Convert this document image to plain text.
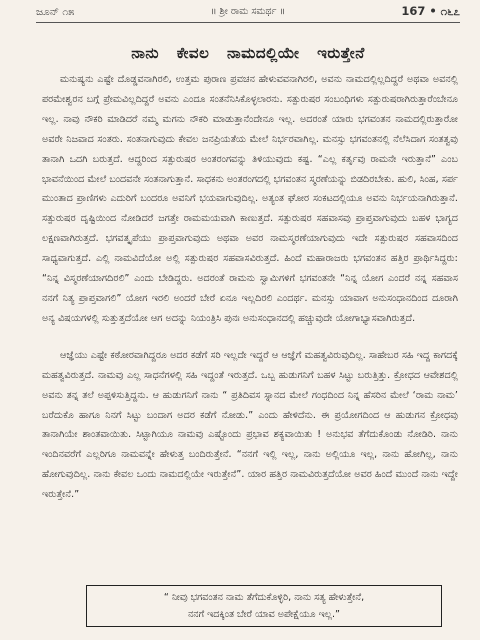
ಜೂನ್ ೧೫	॥ ಶ್ರೀ ರಾಮ ಸಮರ್ಥ ॥	167 • ೧೬೭
ನಾನು ಕೇವಲ ನಾಮದಲ್ಲಿಯೇ ಇರುತ್ತೇನೆ

ಮನುಷ್ಯನು ಎಷ್ಟೇ ದೊಡ್ಡವನಾಗಿರಲಿ, ಉತ್ತಮ ಪುರಾಣ ಪ್ರವಚನ ಹೇಳುವವನಾಗಿರಲಿ, ಅವನು ನಾಮದಲ್ಲಿಲ್ಲದಿದ್ದರೆ ಅಥವಾ ಅವನಲ್ಲಿ ಪರಮೇಶ್ವರನ ಬಗ್ಗೆ ಪ್ರೇಮವಿಲ್ಲದಿದ್ದರೆ ಅವನು ಎಂದೂ ಸಂತನೆನಿಸಿಕೊಳ್ಳಲಾರನು. ಸತ್ಪುರುಷರ ಸಂಬಂಧಿಗಳು ಸತ್ಪುರುಷರಾಗಿರುತ್ತಾರೆಂಬೇನೂ ಇಲ್ಲ. ನಾವು ನೌಕರಿ ಮಾಡಿದರೆ ನಮ್ಮ ಮಗನು ನೌಕರಿ ಮಾಡುತ್ತಾನೆಂದೇನೂ ಇಲ್ಲ. ಅದರಂತೆ ಯಾರು ಭಗವಂತನ ನಾಮದಲ್ಲಿರುತ್ತಾರೋ ಅವರೇ ನಿಜವಾದ ಸಂತರು. ಸಂತನಾಗುವುದು ಕೇವಲ ಜನಪ್ರಿಯತೆಯ ಮೇಲೆ ನಿರ್ಭರವಾಗಿಲ್ಲ. ಮನಸ್ಸು ಭಗವಂತನಲ್ಲಿ ನೆಲೆಸಿದಾಗ ಸಂತತ್ವವು ತಾನಾಗಿ ಒದಗಿ ಬರುತ್ತದೆ. ಆದ್ದರಿಂದ ಸತ್ಪುರುಷರ ಅಂತರಂಗವನ್ನು ತಿಳಿಯುವುದು ಕಷ್ಟ. “ಎಲ್ಲ ಕರ್ತೃವು ರಾಮನೇ ಇರುತ್ತಾನೆ” ಎಂಬ ಭಾವನೆಯಿಂದ ಮೇಲೆ ಬಂದವನೇ ಸಂತನಾಗುತ್ತಾನೆ. ಸಾಧಕನು ಅಂತರಂಗದಲ್ಲಿ ಭಗವಂತನ ಸ್ಮರಣೆಯನ್ನು ಬಿಡದಿರಬೇಕು. ಹುಲಿ, ಸಿಂಹ, ಸರ್ಪ ಮುಂತಾದ ಪ್ರಾಣಿಗಳು ಎದುರಿಗೆ ಬಂದರೂ ಅವನಿಗೆ ಭಯವಾಗುವುದಿಲ್ಲ. ಅತ್ಯಂತ ಘೋರ ಸಂಕಟದಲ್ಲಿಯೂ ಅವನು ನಿರ್ಭಯನಾಗಿರುತ್ತಾನೆ. ಸತ್ಪುರುಷರ ದೃಷ್ಟಿಯಿಂದ ನೋಡಿದರೆ ಜಗತ್ತೇ ರಾಮಮಯವಾಗಿ ಕಾಣುತ್ತದೆ. ಸತ್ಪುರುಷರ ಸಹವಾಸವು ಪ್ರಾಪ್ತವಾಗುವುದು ಬಹಳ ಭಾಗ್ಯದ ಲಕ್ಷಣವಾಗಿರುತ್ತದೆ. ಭಗವತ್ಕೃಪೆಯು ಪ್ರಾಪ್ತವಾಗುವುದು ಅಥವಾ ಅವರ ನಾಮಸ್ಮರಣೆಯಾಗುವುದು ಇದೇ ಸತ್ಪುರುಷರ ಸಹವಾಸದಿಂದ ಸಾಧ್ಯವಾಗುತ್ತದೆ. ಎಲ್ಲಿ ನಾಮವಿದೆಯೋ ಅಲ್ಲಿ ಸತ್ಪುರುಷರ ಸಹವಾಸವಿರುತ್ತದೆ. ಹಿಂದೆ ಮಹಾರಾಜರು ಭಗವಂತನ ಹತ್ತಿರ ಪ್ರಾರ್ಥಿಸಿದ್ದರು: “ನಿನ್ನ ವಿಸ್ಮರಣೆಯಾಗದಿರಲಿ” ಎಂದು ಬೇಡಿದ್ದರು. ಅದರಂತೆ ರಾಮನು ಸ್ವಾಮಿಗಳಿಗೆ ಭಗವಂತನೇ “ನಿನ್ನ ಯೋಗ ಎಂದರೆ ನನ್ನ ಸಹವಾಸ ನನಗೆ ನಿತ್ಯ ಪ್ರಾಪ್ತವಾಗಲಿ” ಯೋಗ ಇರಲಿ ಅಂದರೆ ಬೇರೆ ಏನೂ ಇಲ್ಲದಿರಲಿ ಎಂದರ್ಥ. ಮನಸ್ಸು ಯಾವಾಗ ಅನುಸಂಧಾನದಿಂದ ದೂರಾಗಿ ಅನ್ಯ ವಿಷಯಗಳಲ್ಲಿ ಸುತ್ತುತ್ತದೆಯೋ ಆಗ ಅದನ್ನು ನಿಯಂತ್ರಿಸಿ ಪುನಃ ಅನುಸಂಧಾನದಲ್ಲಿ ಹಚ್ಚುವುದೇ ಯೋಗಾಭ್ಯಾಸವಾಗಿರುತ್ತದೆ.

ಆಜ್ಞೆಯು ಎಷ್ಟೇ ಕಠೋರವಾಗಿದ್ದರೂ ಅದರ ಕಡೆಗೆ ಸರಿ ಇಲ್ಲದೇ ಇದ್ದರೆ ಆ ಆಜ್ಞೆಗೆ ಮಹತ್ವವಿರುವುದಿಲ್ಲ. ಸಾಹೇಬರ ಸಹಿ ಇದ್ದ ಕಾಗದಕ್ಕೆ ಮಹತ್ವವಿರುತ್ತದೆ. ನಾಮವು ಎಲ್ಲ ಸಾಧನೆಗಳಲ್ಲಿ ಸಹಿ ಇದ್ದಂತೆ ಇರುತ್ತದೆ. ಒಬ್ಬ ಹುಡುಗನಿಗೆ ಬಹಳ ಸಿಟ್ಟು ಬರುತ್ತಿತ್ತು. ಕ್ರೋಧದ ಆವೇಶದಲ್ಲಿ ಅವನು ತನ್ನ ತಲೆ ಅಪ್ಪಳಿಸುತ್ತಿದ್ದನು. ಆ ಹುಡುಗನಿಗೆ ನಾನು “ ಪ್ರತಿದಿವಸ ಸ್ನಾನದ ಮೇಲೆ ಗಂಧದಿಂದ ನಿನ್ನ ಹೆಸರಿನ ಮೇಲೆ ‘ರಾಮ ನಾಮ’ ಬರೆದುಕೊ ಹಾಗೂ ನಿನಗೆ ಸಿಟ್ಟು ಬಂದಾಗ ಅದರ ಕಡೆಗೆ ನೋಡು.” ಎಂದು ಹೇಳಿದೆನು. ಈ ಪ್ರಯೋಗದಿಂದ ಆ ಹುಡುಗನ ಕ್ರೋಧವು ತಾನಾಗಿಯೇ ಶಾಂತವಾಯಿತು. ಸಿಟ್ಟಾಗಿಯೂ ನಾಮವು ಎಷ್ಟೊಂದು ಪ್ರಭಾವ ಶಕ್ಯವಾಯಿತು ! ಅನುಭವ ತೆಗೆದುಕೊಂಡು ನೋಡಿರಿ. ನಾನು ಇಂದಿನವರೆಗೆ ಎಲ್ಲರಿಗೂ ನಾಮವನ್ನೇ ಹೇಳುತ್ತ ಬಂದಿರುತ್ತೇನೆ. “ನನಗೆ ಇಲ್ಲಿ ಇಲ್ಲ, ನಾನು ಅಲ್ಲಿಯೂ ಇಲ್ಲ, ನಾನು ಹೋಗಿಲ್ಲ, ನಾನು ಹೋಗುವುದಿಲ್ಲ. ನಾನು ಕೇವಲ ಒಂದು ನಾಮದಲ್ಲಿಯೇ ಇರುತ್ತೇನೆ”. ಯಾರ ಹತ್ತಿರ ನಾಮವಿರುತ್ತದೆಯೋ ಅವರ ಹಿಂದೆ ಮುಂದೆ ನಾನು ಇದ್ದೇ ಇರುತ್ತೇನೆ.”

“ ನೀವು ಭಗವಂತನ ನಾಮ ತೆಗೆದುಕೊಳ್ಳಿರಿ, ನಾನು ಸತ್ಯ ಹೇಳುತ್ತೇನೆ,
ನನಗೆ ಇದಕ್ಕಿಂತ ಬೇರೆ ಯಾವ ಅಪೇಕ್ಷೆಯೂ ಇಲ್ಲ.”
